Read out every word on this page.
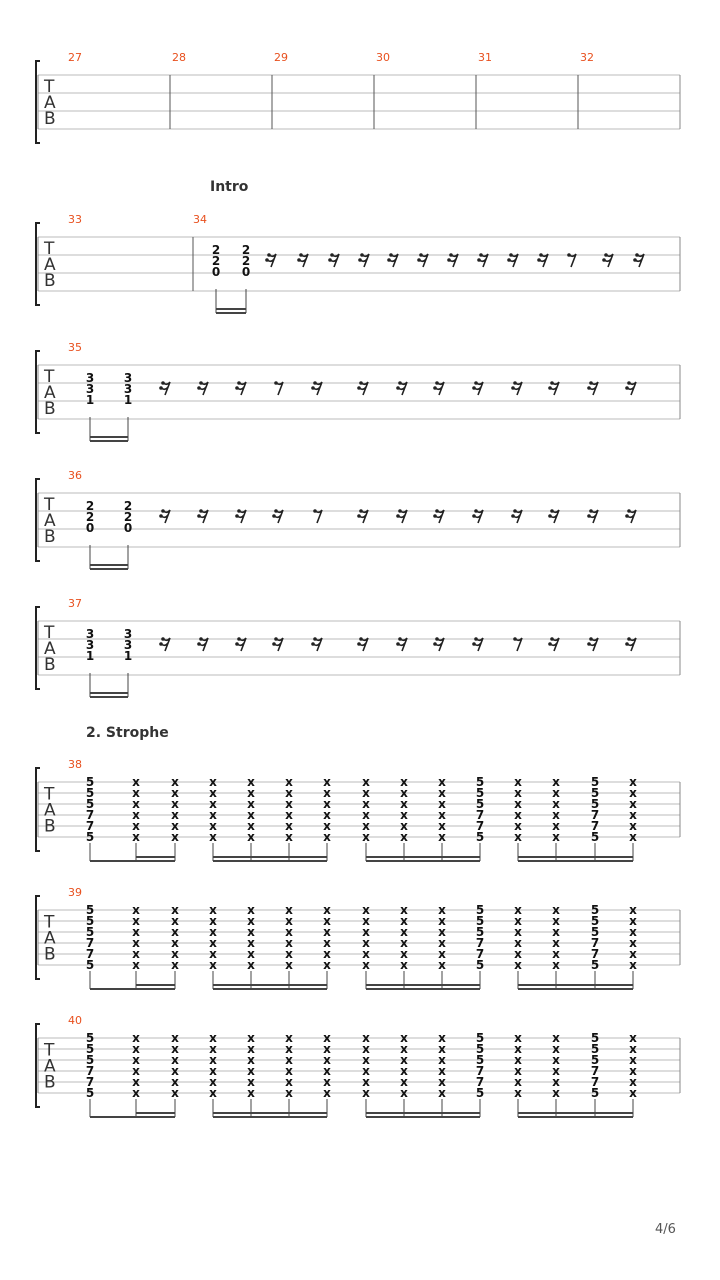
T
A
B
27	28	29	30	31	32
T
A
B
Intro
33	34
2
2
0
2
2
0
T
A
B
35
3
3
1
3
3
1
T
A
B
36
2
2
0
2
2
0
T
A
B
37
3
3
1
3
3
1
T
A
B
2. Strophe
38
5
5
5
7
7
5
x
x
x
x
x
x
x
x
x
x
x
x
x
x
x
x
x
x
x
x
x
x
x
x
x
x
x
x
x
x
x
x
x
x
x
x
x
x
x
x
x
x
x
x
x
x
x
x
x
x
x
x
x
x
5
5
5
7
7
5
x
x
x
x
x
x
x
x
x
x
x
x
5
5
5
7
7
5
x
x
x
x
x
x
T
A
B
39
5
5
5
7
7
5
x
x
x
x
x
x
x
x
x
x
x
x
x
x
x
x
x
x
x
x
x
x
x
x
x
x
x
x
x
x
x
x
x
x
x
x
x
x
x
x
x
x
x
x
x
x
x
x
x
x
x
x
x
x
5
5
5
7
7
5
x
x
x
x
x
x
x
x
x
x
x
x
5
5
5
7
7
5
x
x
x
x
x
x
T
A
B
40
5
5
5
7
7
5
x
x
x
x
x
x
x
x
x
x
x
x
x
x
x
x
x
x
x
x
x
x
x
x
x
x
x
x
x
x
x
x
x
x
x
x
x
x
x
x
x
x
x
x
x
x
x
x
x
x
x
x
x
x
5
5
5
7
7
5
x
x
x
x
x
x
x
x
x
x
x
x
5
5
5
7
7
5
x
x
x
x
x
x
4/6
